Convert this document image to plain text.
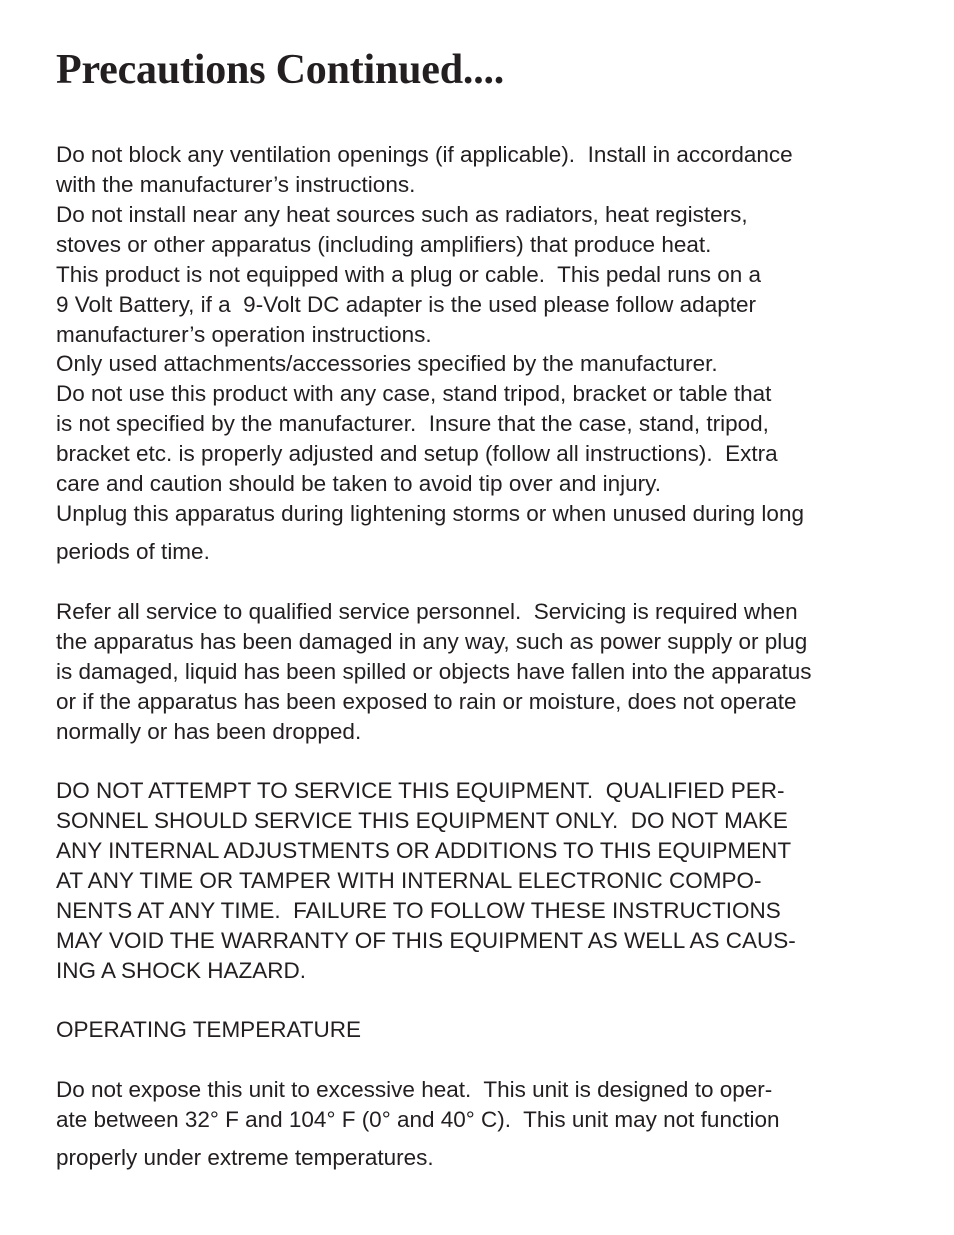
Precautions Continued....

Do not block any ventilation openings (if applicable).  Install in accordance

with the manufacturer’s instructions.

Do not install near any heat sources such as radiators, heat registers,

stoves or other apparatus (including amplifiers) that produce heat.

This product is not equipped with a plug or cable.  This pedal runs on a

9 Volt Battery, if a  9-Volt DC adapter is the used please follow adapter

manufacturer’s operation instructions.

Only used attachments/accessories specified by the manufacturer.

Do not use this product with any case, stand tripod, bracket or table that

is not specified by the manufacturer.  Insure that the case, stand, tripod,

bracket etc. is properly adjusted and setup (follow all instructions).  Extra

care and caution should be taken to avoid tip over and injury.

Unplug this apparatus during lightening storms or when unused during long

periods of time.

Refer all service to qualified service personnel.  Servicing is required when

the apparatus has been damaged in any way, such as power supply or plug

is damaged, liquid has been spilled or objects have fallen into the apparatus

or if the apparatus has been exposed to rain or moisture, does not operate

normally or has been dropped.

DO NOT ATTEMPT TO SERVICE THIS EQUIPMENT.  QUALIFIED PER-

SONNEL SHOULD SERVICE THIS EQUIPMENT ONLY.  DO NOT MAKE

ANY INTERNAL ADJUSTMENTS OR ADDITIONS TO THIS EQUIPMENT

AT ANY TIME OR TAMPER WITH INTERNAL ELECTRONIC COMPO-

NENTS AT ANY TIME.  FAILURE TO FOLLOW THESE INSTRUCTIONS

MAY VOID THE WARRANTY OF THIS EQUIPMENT AS WELL AS CAUS-

ING A SHOCK HAZARD.

OPERATING TEMPERATURE

Do not expose this unit to excessive heat.  This unit is designed to oper-

ate between 32° F and 104° F (0° and 40° C).  This unit may not function

properly under extreme temperatures.
